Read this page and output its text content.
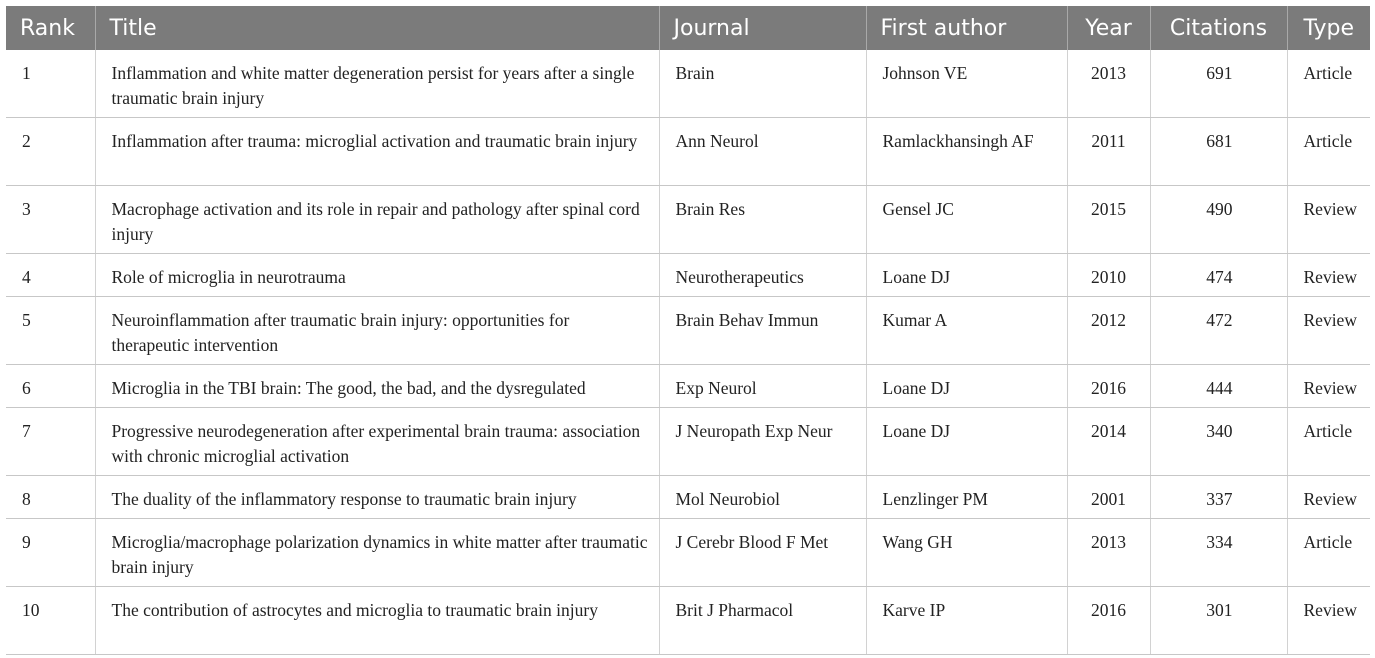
Rank	Title	Journal	First author	Year	Citations	Type
1	Inflammation and white matter degeneration persist for years after a single traumatic brain injury	Brain	Johnson VE	2013	691	Article
2	Inflammation after trauma: microglial activation and traumatic brain injury	Ann Neurol	Ramlackhansingh AF	2011	681	Article
3	Macrophage activation and its role in repair and pathology after spinal cord injury	Brain Res	Gensel JC	2015	490	Review
4	Role of microglia in neurotrauma	Neurotherapeutics	Loane DJ	2010	474	Review
5	Neuroinflammation after traumatic brain injury: opportunities for therapeutic intervention	Brain Behav Immun	Kumar A	2012	472	Review
6	Microglia in the TBI brain: The good, the bad, and the dysregulated	Exp Neurol	Loane DJ	2016	444	Review
7	Progressive neurodegeneration after experimental brain trauma: association with chronic microglial activation	J Neuropath Exp Neur	Loane DJ	2014	340	Article
8	The duality of the inflammatory response to traumatic brain injury	Mol Neurobiol	Lenzlinger PM	2001	337	Review
9	Microglia/macrophage polarization dynamics in white matter after traumatic brain injury	J Cerebr Blood F Met	Wang GH	2013	334	Article
10	The contribution of astrocytes and microglia to traumatic brain injury	Brit J Pharmacol	Karve IP	2016	301	Review
